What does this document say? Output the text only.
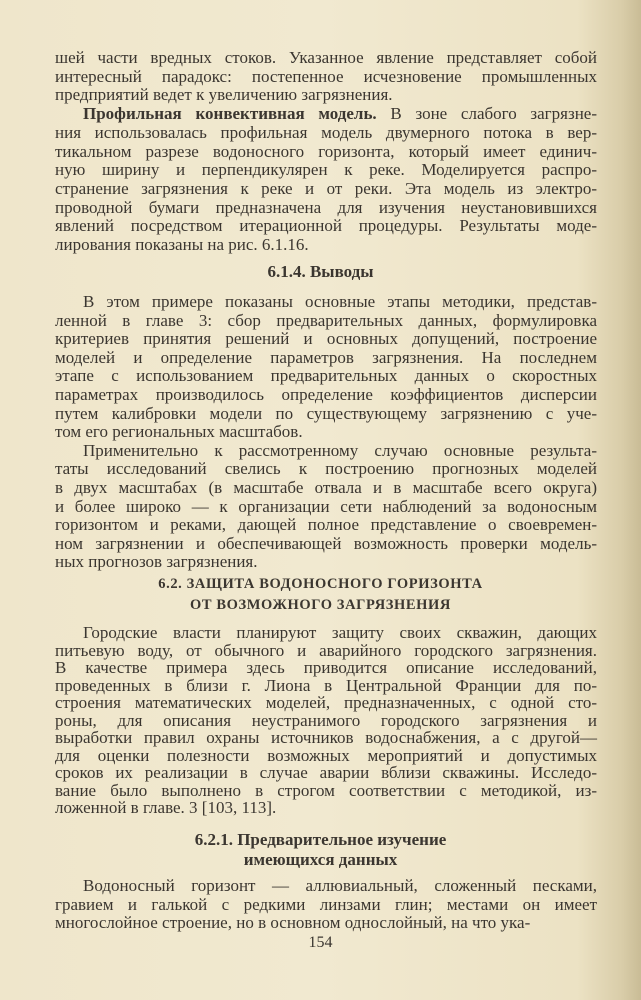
6.1.4. Выводы
6.2. ЗАЩИТА ВОДОНОСНОГО ГОРИЗОНТА
ОТ ВОЗМОЖНОГО ЗАГРЯЗНЕНИЯ
6.2.1. Предварительное изучение
имеющихся данных
154
шей части вредных стоков. Указанное явление представляет собой
интересный парадокс: постепенное исчезновение промышленных
предприятий ведет к увеличению загрязнения.
Профильная конвективная модель. В зоне слабого загрязне-
ния использовалась профильная модель двумерного потока в вер-
тикальном разрезе водоносного горизонта, который имеет единич-
ную ширину и перпендикулярен к реке. Моделируется распро-
странение загрязнения к реке и от реки. Эта модель из электро-
проводной бумаги предназначена для изучения неустановившихся
явлений посредством итерационной процедуры. Результаты моде-
лирования показаны на рис. 6.1.16.
В этом примере показаны основные этапы методики, представ-
ленной в главе 3: сбор предварительных данных, формулировка
критериев принятия решений и основных допущений, построение
моделей и определение параметров загрязнения. На последнем
этапе с использованием предварительных данных о скоростных
параметрах производилось определение коэффициентов дисперсии
путем калибровки модели по существующему загрязнению с уче-
том его региональных масштабов.
Применительно к рассмотренному случаю основные результа-
таты исследований свелись к построению прогнозных моделей
в двух масштабах (в масштабе отвала и в масштабе всего округа)
и более широко — к организации сети наблюдений за водоносным
горизонтом и реками, дающей полное представление о своевремен-
ном загрязнении и обеспечивающей возможность проверки модель-
ных прогнозов загрязнения.
Городские власти планируют защиту своих скважин, дающих
питьевую воду, от обычного и аварийного городского загрязнения.
В качестве примера здесь приводится описание исследований,
проведенных в близи г. Лиона в Центральной Франции для по-
строения математических моделей, предназначенных, с одной сто-
роны, для описания неустранимого городского загрязнения и
выработки правил охраны источников водоснабжения, а с другой—
для оценки полезности возможных мероприятий и допустимых
сроков их реализации в случае аварии вблизи скважины. Исследо-
вание было выполнено в строгом соответствии с методикой, из-
ложенной в главе. 3 [103, 113].
Водоносный горизонт — аллювиальный, сложенный песками,
гравием и галькой с редкими линзами глин; местами он имеет
многослойное строение, но в основном однослойный, на что ука-
